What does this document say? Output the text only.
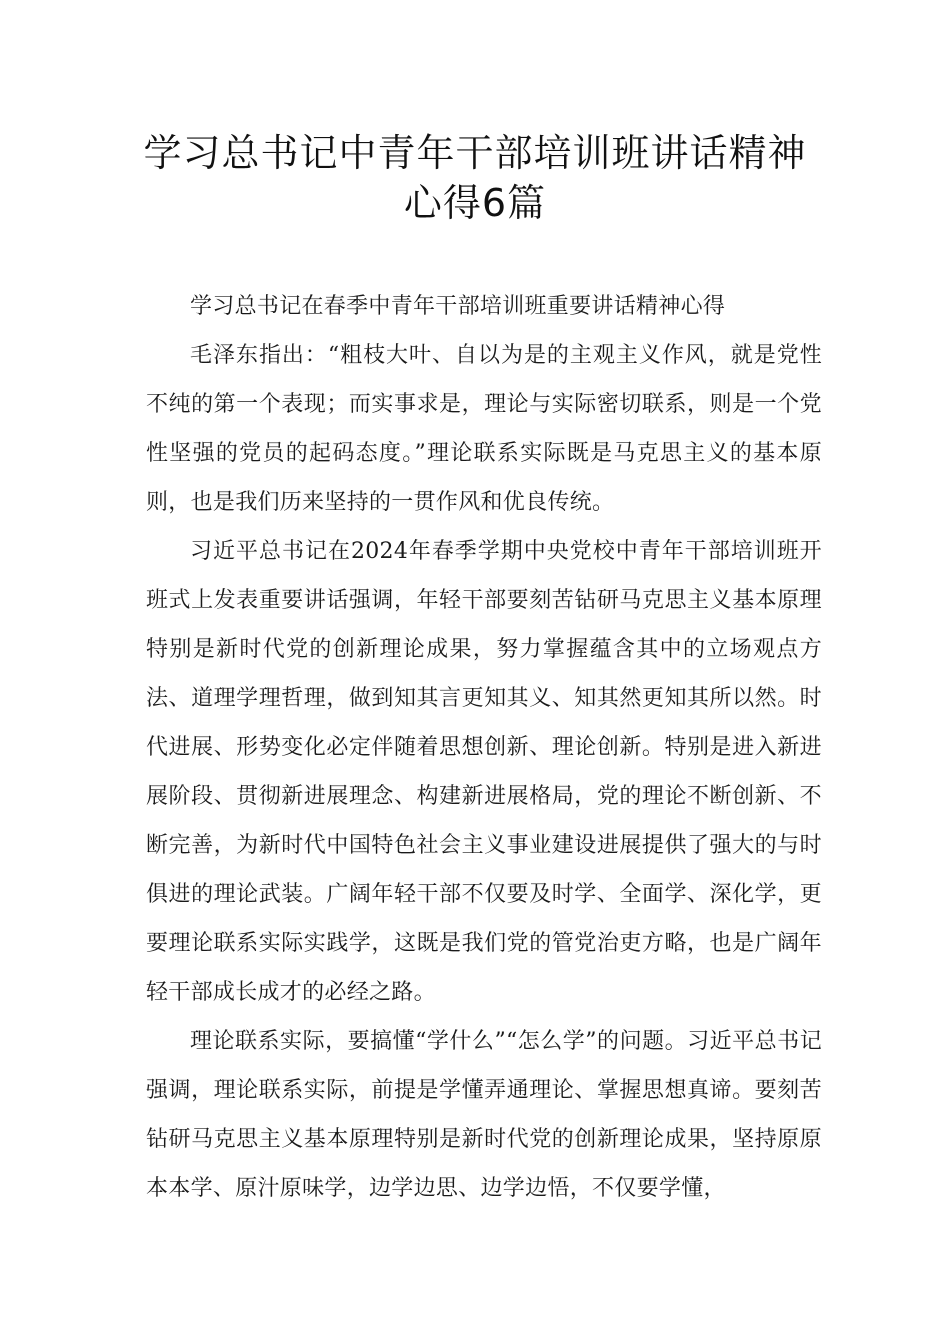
学习总书记中青年干部培训班讲话精神
心得6篇

学习总书记在春季中青年干部培训班重要讲话精神心得

毛泽东指出：“粗枝大叶、自以为是的主观主义作风，就是党性不纯的第一个表现；而实事求是，理论与实际密切联系，则是一个党性坚强的党员的起码态度。”理论联系实际既是马克思主义的基本原则，也是我们历来坚持的一贯作风和优良传统。

习近平总书记在2024年春季学期中央党校中青年干部培训班开班式上发表重要讲话强调，年轻干部要刻苦钻研马克思主义基本原理特别是新时代党的创新理论成果，努力掌握蕴含其中的立场观点方法、道理学理哲理，做到知其言更知其义、知其然更知其所以然。时代进展、形势变化必定伴随着思想创新、理论创新。特别是进入新进展阶段、贯彻新进展理念、构建新进展格局，党的理论不断创新、不断完善，为新时代中国特色社会主义事业建设进展提供了强大的与时俱进的理论武装。广阔年轻干部不仅要及时学、全面学、深化学，更要理论联系实际实践学，这既是我们党的管党治吏方略，也是广阔年轻干部成长成才的必经之路。

理论联系实际，要搞懂“学什么”“怎么学”的问题。习近平总书记强调，理论联系实际，前提是学懂弄通理论、掌握思想真谛。要刻苦钻研马克思主义基本原理特别是新时代党的创新理论成果，坚持原原本本学、原汁原味学，边学边思、边学边悟，不仅要学懂，
